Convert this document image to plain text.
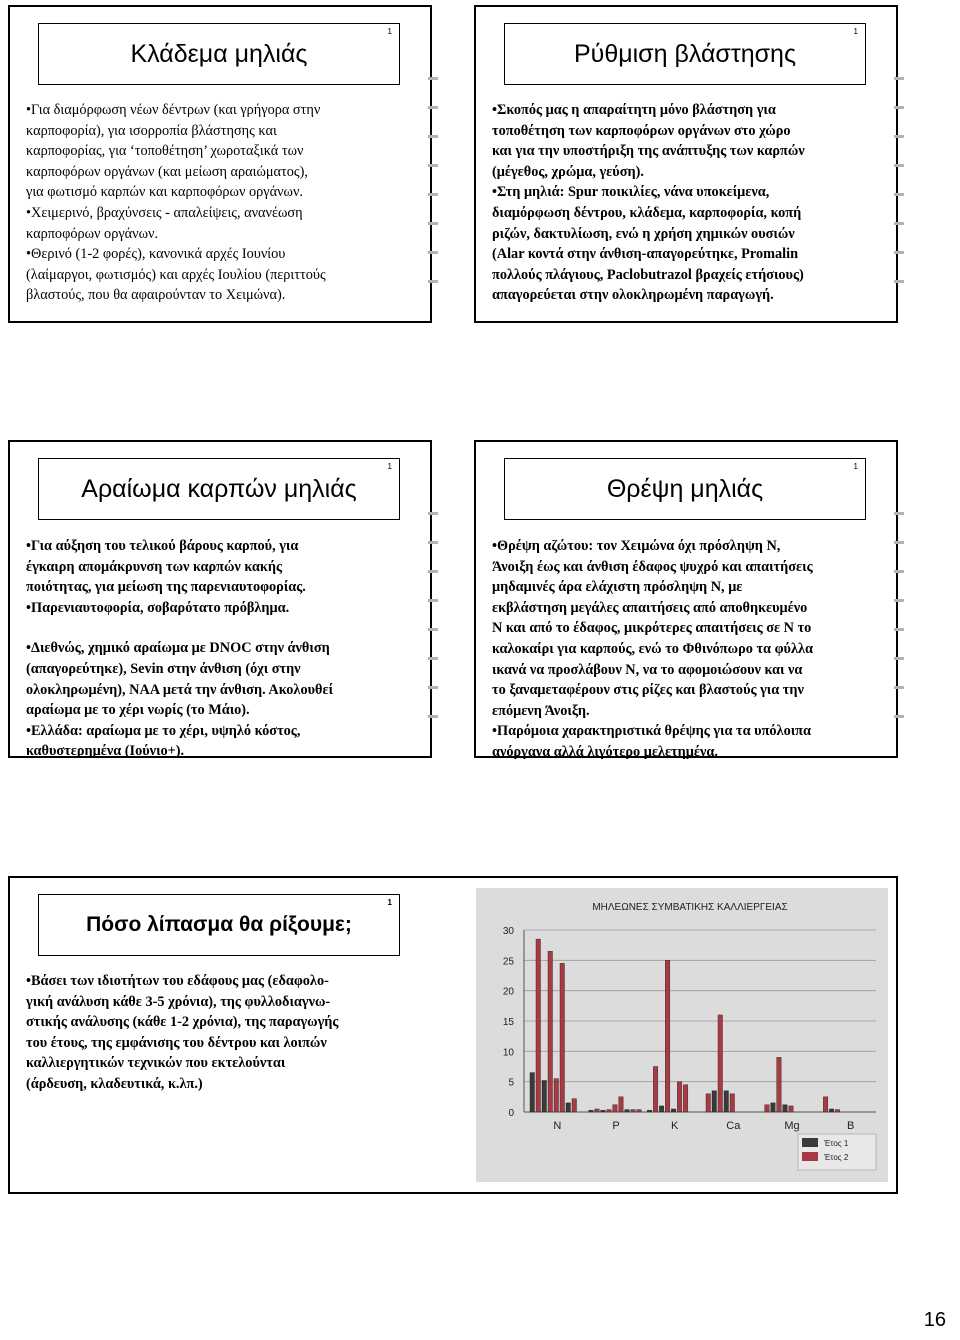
Κλάδεμα μηλιάς
1

•Για διαμόρφωση νέων δέντρων (και γρήγορα στην

καρποφορία), για ισορροπία βλάστησης και

καρποφορίας, για ‘τοποθέτηση’ χωροταξικά των

καρποφόρων οργάνων (και μείωση αραιώματος),

για φωτισμό καρπών και καρποφόρων οργάνων.

•Χειμερινό, βραχύνσεις - απαλείψεις, ανανέωση

καρποφόρων οργάνων.

•Θερινό (1-2 φορές), κανονικά αρχές Ιουνίου

(λαίμαργοι, φωτισμός) και αρχές Ιουλίου (περιττούς

βλαστούς, που θα αφαιρούνταν το Χειμώνα).

Ρύθμιση βλάστησης
1

•Σκοπός μας η απαραίτητη μόνο βλάστηση για

τοποθέτηση των καρποφόρων οργάνων στο χώρο

και για την υποστήριξη της ανάπτυξης των καρπών

(μέγεθος, χρώμα, γεύση).

•Στη μηλιά: Spur ποικιλίες, νάνα υποκείμενα,

διαμόρφωση δέντρου, κλάδεμα, καρποφορία, κοπή

ριζών, δακτυλίωση, ενώ η χρήση χημικών ουσιών

(Alar κοντά στην άνθιση-απαγορεύτηκε, Promalin

πολλούς πλάγιους, Paclobutrazol βραχείς ετήσιους)

απαγορεύεται στην ολοκληρωμένη παραγωγή.

Αραίωμα καρπών μηλιάς
1

•Για αύξηση του τελικού βάρους καρπού, για

έγκαιρη απομάκρυνση των καρπών κακής

ποιότητας, για μείωση της παρενιαυτοφορίας.

•Παρενιαυτοφορία, σοβαρότατο πρόβλημα.

•Διεθνώς, χημικό αραίωμα με DNOC στην άνθιση

(απαγορεύτηκε), Sevin στην άνθιση (όχι στην

ολοκληρωμένη), NAA μετά την άνθιση. Ακολουθεί

αραίωμα με το χέρι νωρίς (το Μάιο).

•Ελλάδα: αραίωμα με το χέρι, υψηλό κόστος,

καθυστερημένα (Ιούνιο+).

Θρέψη μηλιάς
1

•Θρέψη αζώτου: τον Χειμώνα όχι πρόσληψη Ν,

Άνοιξη έως και άνθιση έδαφος ψυχρό και απαιτήσεις

μηδαμινές άρα ελάχιστη πρόσληψη Ν, με

εκβλάστηση μεγάλες απαιτήσεις από αποθηκευμένο

Ν και από το έδαφος, μικρότερες απαιτήσεις σε Ν το

καλοκαίρι για καρπούς, ενώ το Φθινόπωρο τα φύλλα

ικανά να προσλάβουν Ν, να το αφομοιώσουν και να

το ξαναμεταφέρουν στις ρίζες και βλαστούς για την

επόμενη Άνοιξη.

•Παρόμοια χαρακτηριστικά θρέψης για τα υπόλοιπα

ανόργανα αλλά λιγότερο μελετημένα.

Πόσο λίπασμα θα ρίξουμε;
1

•Βάσει των ιδιοτήτων του εδάφους μας (εδαφολο-

γική ανάλυση κάθε 3-5 χρόνια), της φυλλοδιαγνω-

στικής ανάλυσης (κάθε 1-2 χρόνια), της παραγωγής

του έτους, της εμφάνισης του δέντρου και λοιπών

καλλιεργητικών τεχνικών που εκτελούνται

(άρδευση, κλαδευτικά, κ.λπ.)

ΜΗΛΕΩΝΕΣ ΣΥΜΒΑΤΙΚΗΣ ΚΑΛΛΙΕΡΓΕΙΑΣ
0
5
10
15
20
25
30
N	P	K	Ca	Mg	B
Έτος 1
Έτος 2
16
